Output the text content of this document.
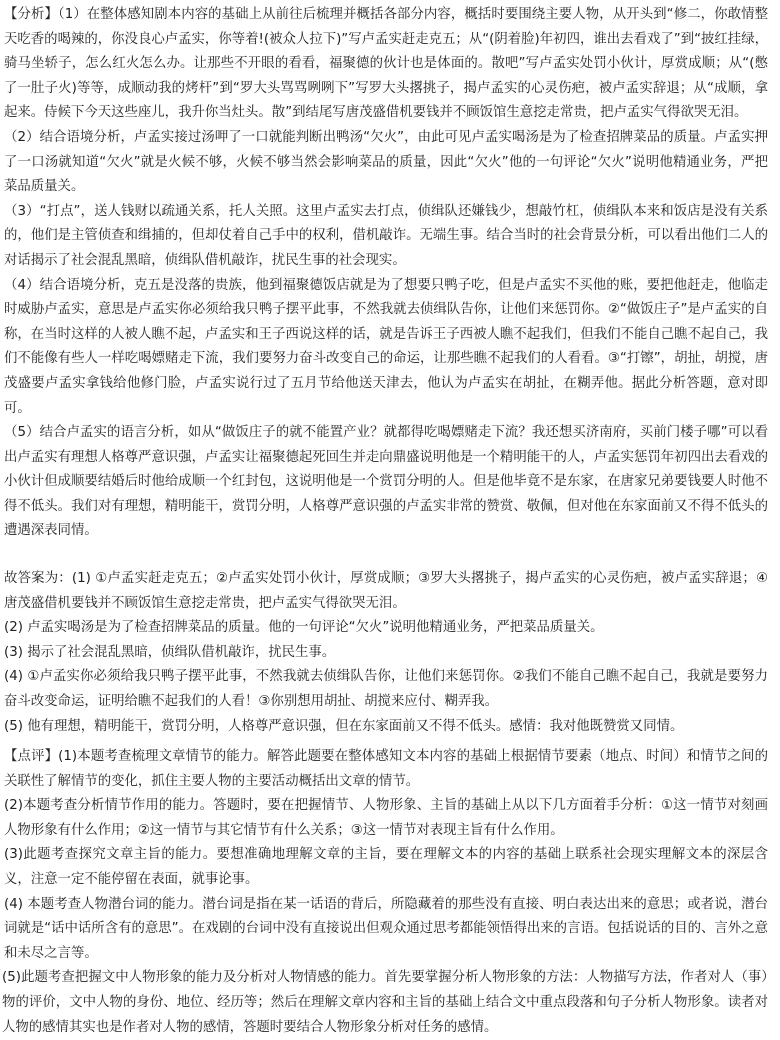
【分析】（1）在整体感知剧本内容的基础上从前往后梳理并概括各部分内容，概括时要围绕主要人物，从开头到“修二，你敢情整天吃香的喝辣的，你没良心卢孟实，你等着!(被众人拉下)”写卢孟实赶走克五；从“(阴着脸)年初四，谁出去看戏了”到“披红挂绿，骑马坐轿子，怎么红火怎么办。让那些不开眼的看看，福聚德的伙计也是体面的。散吧”写卢孟实处罚小伙计，厚赏成顺；从“(憋了一肚子火)等等，成顺动我的烤杆”到“罗大头骂骂咧咧下”写罗大头撂挑子，揭卢孟实的心灵伤疤，被卢孟实辞退；从“成顺，拿起来。侍候下今天这些座儿，我升你当灶头。散”到结尾写唐茂盛借机要钱并不顾饭馆生意挖走常贵，把卢孟实气得欲哭无泪。

（2）结合语境分析，卢孟实接过汤呷了一口就能判断出鸭汤“欠火”，由此可见卢孟实喝汤是为了检查招牌菜品的质量。卢孟实押了一口汤就知道“欠火”就是火候不够，火候不够当然会影响菜品的质量，因此“欠火”他的一句评论“欠火”说明他精通业务，严把菜品质量关。

（3）“打点”，送人钱财以疏通关系，托人关照。这里卢孟实去打点，侦缉队还嫌钱少，想敲竹杠，侦缉队本来和饭店是没有关系的，他们是主管侦查和缉捕的，但却仗着自己手中的权利，借机敲诈。无端生事。结合当时的社会背景分析，可以看出他们二人的对话揭示了社会混乱黑暗，侦缉队借机敲诈，扰民生事的社会现实。

（4）结合语境分析，克五是没落的贵族，他到福聚德饭店就是为了想要只鸭子吃，但是卢孟实不买他的账，要把他赶走，他临走时威胁卢孟实，意思是卢孟实你必须给我只鸭子摆平此事，不然我就去侦缉队告你，让他们来惩罚你。②“做饭庄子”是卢孟实的自称，在当时这样的人被人瞧不起，卢孟实和王子西说这样的话，就是告诉王子西被人瞧不起我们，但我们不能自己瞧不起自己，我们不能像有些人一样吃喝嫖赌走下流，我们要努力奋斗改变自己的命运，让那些瞧不起我们的人看看。③“打镲”，胡扯，胡搅，唐茂盛要卢孟实拿钱给他修门脸，卢孟实说行过了五月节给他送天津去，他认为卢孟实在胡扯，在糊弄他。据此分析答题，意对即可。

（5）结合卢孟实的语言分析，如从“做饭庄子的就不能置产业？就都得吃喝嫖赌走下流？我还想买济南府，买前门楼子哪”可以看出卢孟实有理想人格尊严意识强，卢孟实让福聚德起死回生并走向鼎盛说明他是一个精明能干的人，卢孟实惩罚年初四出去看戏的小伙计但成顺要结婚后时他给成顺一个红封包，这说明他是一个赏罚分明的人。但是他毕竟不是东家，在唐家兄弟要钱要人时他不得不低头。我们对有理想，精明能干，赏罚分明，人格尊严意识强的卢孟实非常的赞赏、敬佩，但对他在东家面前又不得不低头的遭遇深表同情。

故答案为：(1) ①卢孟实赶走克五；②卢孟实处罚小伙计，厚赏成顺；③罗大头撂挑子，揭卢孟实的心灵伤疤，被卢孟实辞退；④唐茂盛借机要钱并不顾饭馆生意挖走常贵，把卢孟实气得欲哭无泪。

(2) 卢孟实喝汤是为了检查招牌菜品的质量。他的一句评论“欠火”说明他精通业务，严把菜品质量关。

(3) 揭示了社会混乱黑暗，侦缉队借机敲诈，扰民生事。

(4) ①卢孟实你必须给我只鸭子摆平此事，不然我就去侦缉队告你，让他们来惩罚你。②我们不能自己瞧不起自己，我就是要努力奋斗改变命运，证明给瞧不起我们的人看！③你别想用胡扯、胡搅来应付、糊弄我。

(5) 他有理想，精明能干，赏罚分明，人格尊严意识强，但在东家面前又不得不低头。感情：我对他既赞赏又同情。

【点评】(1)本题考查梳理文章情节的能力。解答此题要在整体感知文本内容的基础上根据情节要素（地点、时间）和情节之间的关联性了解情节的变化，抓住主要人物的主要活动概括出文章的情节。

(2)本题考查分析情节作用的能力。答题时，要在把握情节、人物形象、主旨的基础上从以下几方面着手分析：①这一情节对刻画人物形象有什么作用；②这一情节与其它情节有什么关系；③这一情节对表现主旨有什么作用。

(3)此题考查探究文章主旨的能力。要想准确地理解文章的主旨，要在理解文本的内容的基础上联系社会现实理解文本的深层含义，注意一定不能停留在表面，就事论事。

(4) 本题考查人物潜台词的能力。潜台词是指在某一话语的背后，所隐藏着的那些没有直接、明白表达出来的意思；或者说，潜台词就是“话中话所含有的意思”。在戏剧的台词中没有直接说出但观众通过思考都能领悟得出来的言语。包括说话的目的、言外之意和未尽之言等。

(5)此题考查把握文中人物形象的能力及分析对人物情感的能力。首先要掌握分析人物形象的方法：人物描写方法，作者对人（事）物的评价，文中人物的身份、地位、经历等；然后在理解文章内容和主旨的基础上结合文中重点段落和句子分析人物形象。读者对人物的感情其实也是作者对人物的感情，答题时要结合人物形象分析对任务的感情。
